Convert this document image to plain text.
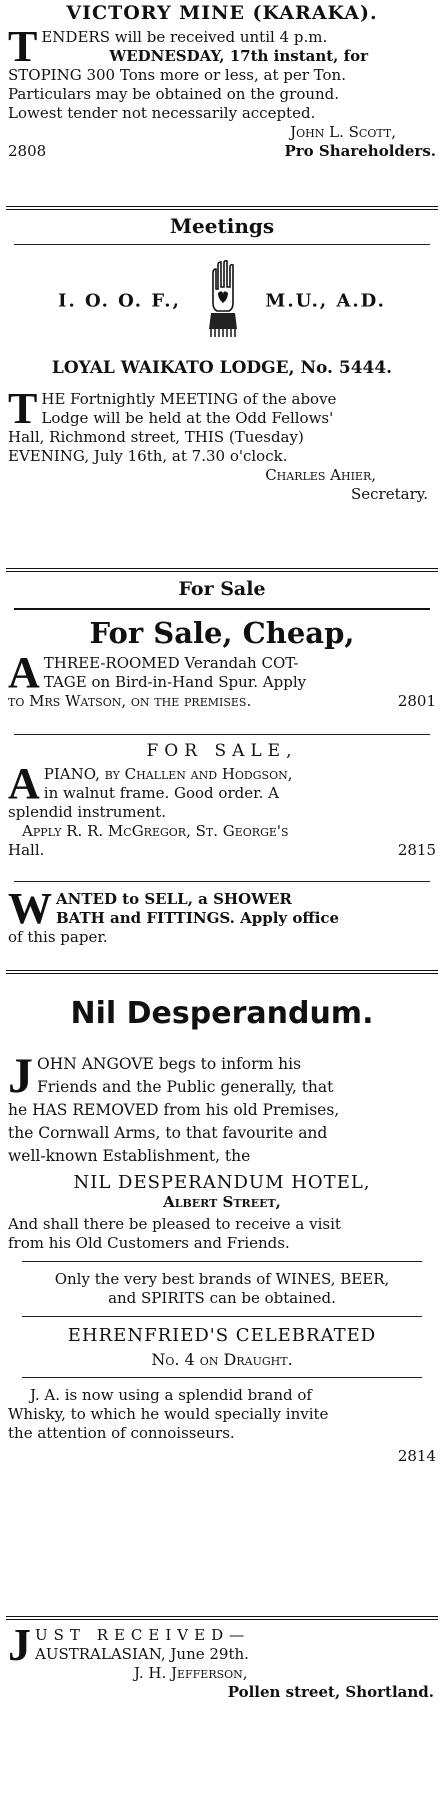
VICTORY MINE (KARAKA).
T ENDERS will be received until 4 p.m.
WEDNESDAY, 17th instant, for
STOPING 300 Tons more or less, at per Ton.
Particulars may be obtained on the ground.
Lowest tender not necessarily accepted.
John L. Scott,
2808	Pro Shareholders.
Meetings
I. O. O. F.,	M.U., A.D.
LOYAL WAIKATO LODGE, No. 5444.
T HE Fortnightly MEETING of the above
Lodge will be held at the Odd Fellows'
Hall, Richmond street, THIS (Tuesday)
EVENING, July 16th, at 7.30 o'clock.
Charles Ahier,
Secretary.
For Sale
For Sale, Cheap,
A THREE-ROOMED Verandah COT-
TAGE on Bird-in-Hand Spur. Apply
to Mrs Watson, on the premises.	2801
FOR SALE,
A PIANO, by Challen and Hodgson,
in walnut frame. Good order. A
splendid instrument.
Apply R. R. McGregor, St. George's
Hall.	2815
W ANTED to SELL, a SHOWER
BATH and FITTINGS. Apply office
of this paper.
Nil Desperandum.
J OHN ANGOVE begs to inform his
Friends and the Public generally, that
he HAS REMOVED from his old Premises,
the Cornwall Arms, to that favourite and
well-known Establishment, the
NIL DESPERANDUM HOTEL,
Albert Street,
And shall there be pleased to receive a visit
from his Old Customers and Friends.
Only the very best brands of WINES, BEER,
and SPIRITS can be obtained.
EHRENFRIED'S CELEBRATED
No. 4 on Draught.
J. A. is now using a splendid brand of
Whisky, to which he would specially invite
the attention of connoisseurs.
2814
J UST RECEIVED—
AUSTRALASIAN, June 29th.
J. H. Jefferson,
Pollen street, Shortland.
